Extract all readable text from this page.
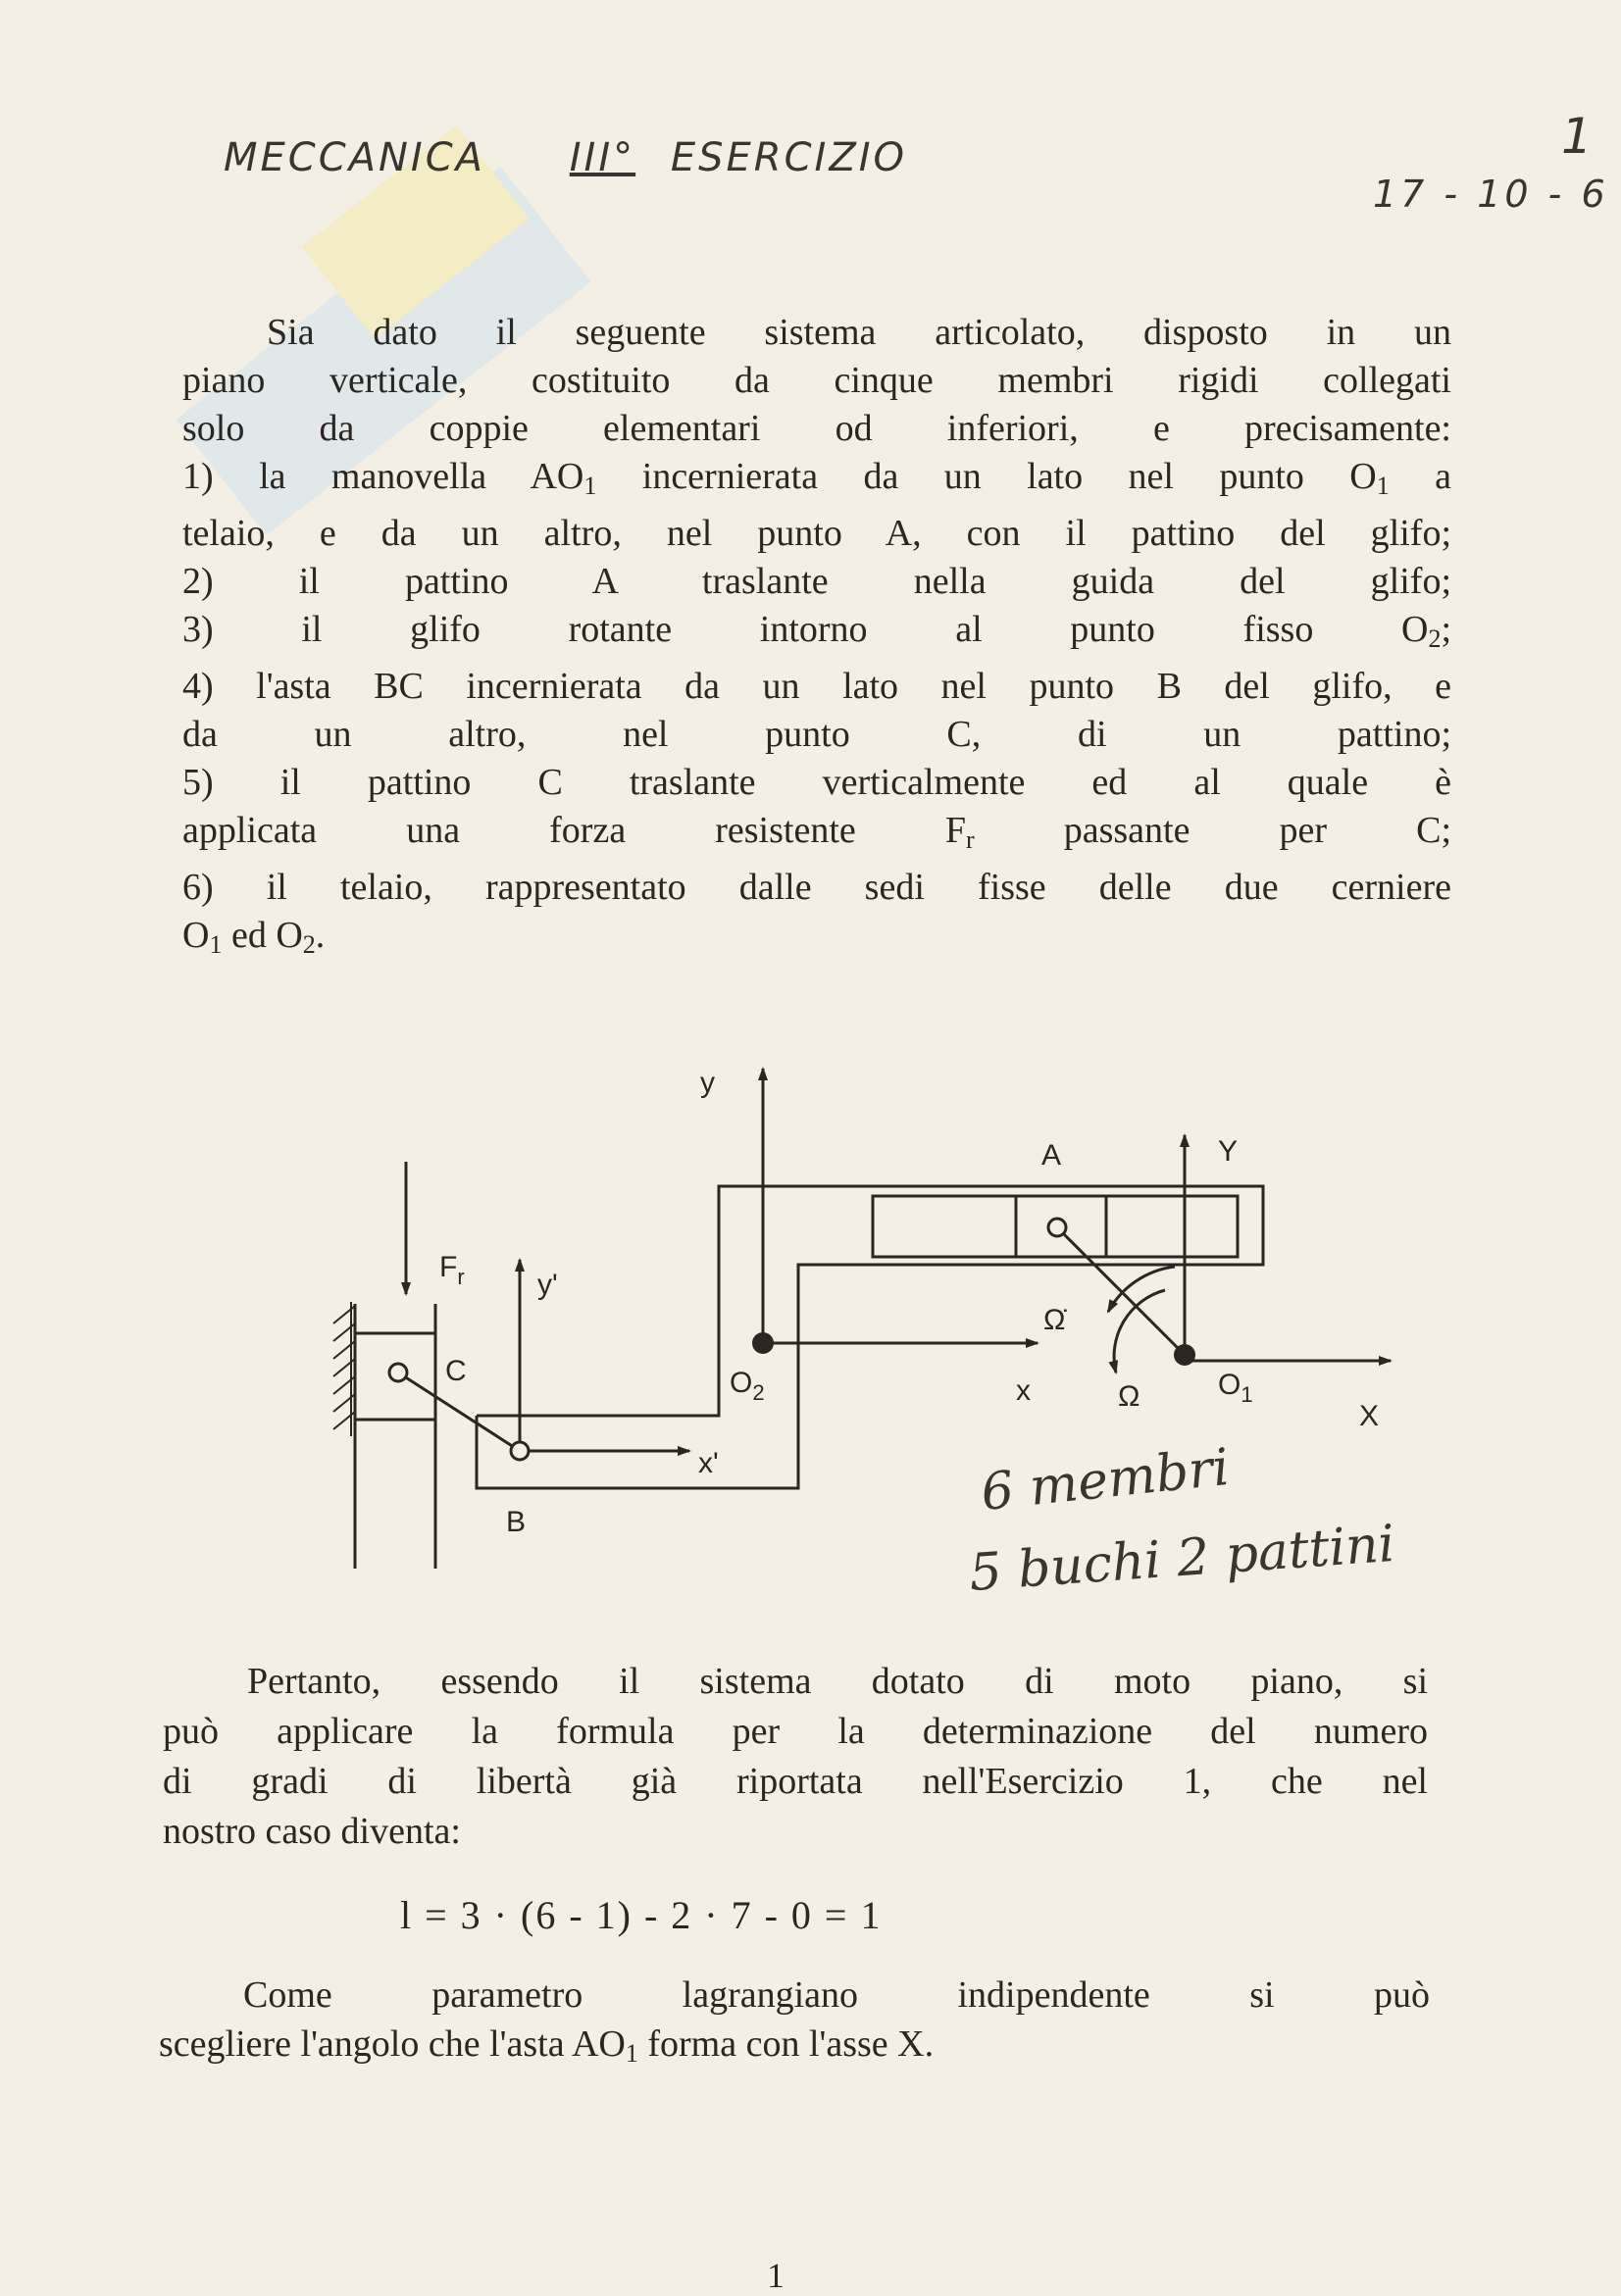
MECCANICA III° ESERCIZIO	1
17 - 10 - 6
Sia dato il seguente sistema articolato, disposto in un
piano verticale, costituito da cinque membri rigidi collegati
solo da coppie elementari od inferiori, e precisamente:
1) la manovella $AO_1$ incernierata da un lato nel punto $O_1$ a
telaio, e da un altro, nel punto A, con il pattino del glifo;
2) il pattino A traslante nella guida del glifo;
3) il glifo rotante intorno al punto fisso $O_2$;
4) l'asta BC incernierata da un lato nel punto B del glifo, e
da un altro, nel punto C, di un pattino;
5) il pattino C traslante verticalmente ed al quale è
applicata una forza resistente $F_r$ passante per C;
6) il telaio, rappresentato dalle sedi fisse delle due cerniere
$O_1$ ed $O_2$.
y
Y
A
$F_r$ y'
C	$O_2$	x
Ω̇
Ω	$O_1$
X
x'
B	6 membri
5 buchi 2 pattini
Pertanto, essendo il sistema dotato di moto piano, si
può applicare la formula per la determinazione del numero
di gradi di libertà già riportata nell'Esercizio 1, che nel
nostro caso diventa:
l = 3 · (6 - 1) - 2 · 7 - 0 = 1
Come parametro lagrangiano indipendente si può
scegliere l'angolo che l'asta $AO_1$ forma con l'asse X.
1
